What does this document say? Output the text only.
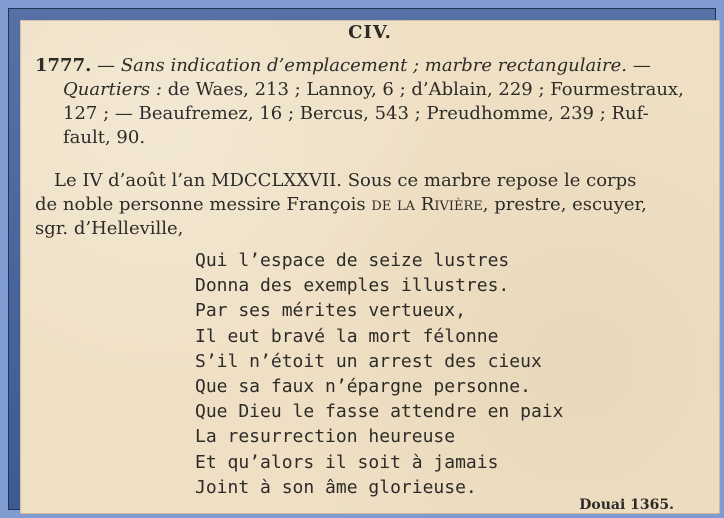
CIV.
1777. — Sans indication d’emplacement ; marbre rectangulaire. —
Quartiers : de Waes, 213 ; Lannoy, 6 ; d’Ablain, 229 ; Fourmestraux,
127 ; — Beaufremez, 16 ; Bercus, 543 ; Preudhomme, 239 ; Ruf-
fault, 90.
Le IV d’août l’an MDCCLXXVII. Sous ce marbre repose le corps
de noble personne messire François de la Rivière, prestre, escuyer,
sgr. d’Helleville,
Qui l’espace de seize lustres
Donna des exemples illustres.
Par ses mérites vertueux,
Il eut bravé la mort félonne
S’il n’étoit un arrest des cieux
Que sa faux n’épargne personne.
Que Dieu le fasse attendre en paix
La resurrection heureuse
Et qu’alors il soit à jamais
Joint à son âme glorieuse.
Douai 1365.
